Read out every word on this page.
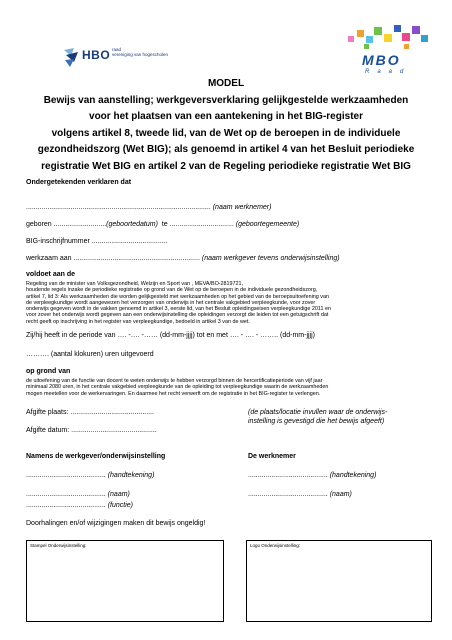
HBO raad
vereniging van hogescholen	MBO
Raad
MODEL
Bewijs van aanstelling; werkgeversverklaring gelijkgestelde werkzaamheden
voor het plaatsen van een aantekening in het BIG-register
volgens artikel 8, tweede lid, van de Wet op de beroepen in de individuele
gezondheidszorg (Wet BIG); als genoemd in artikel 4 van het Besluit periodieke
registratie Wet BIG en artikel 2 van de Regeling periodieke registratie Wet BIG
Ondergetekenden verklaren dat
............................................................................................... (naam werknemer)
geboren ...........................(geboortedatum) te ................................. (geboortegemeente)
BIG-inschrijfnummer .......................................
werkzaam aan ................................................................. (naam werkgever tevens onderwijsinstelling)
voldoet aan de
Regeling van de minister van Volksgezondheid, Welzijn en Sport van , MEVA/BO-2819721,
houdende regels inzake de periodieke registratie op grond van de Wet op de beroepen in de individuele gezondheidszorg,
artikel 7, lid 3: Als werkzaamheden die worden gelijkgesteld met werkzaamheden op het gebied van de beroepsuitoefening van
de verpleegkundige wordt aangewezen het verzorgen van onderwijs in het centrale vakgebied verpleegkunde, voor zover
onderwijs gegeven wordt in de vakken genoemd in artikel 3, eerste lid, van het Besluit opleidingseisen verpleegkundige 2011 en
voor zover het onderwijs wordt gegeven aan een onderwijsinstelling die opleidingen verzorgt die leiden tot een getuigschrift dat
recht geeft op inschrijving in het register van verpleegkundige, bedoeld in artikel 3 van de wet.
Zij/hij heeft in de periode van …. -…. -…… (dd-mm-jjjj) tot en met …. - …. - …….. (dd-mm-jjjj)
………. (aantal klokuren) uren uitgevoerd
op grond van
de uitoefening van de functie van docent te weten onderwijs te hebben verzorgd binnen de hercertificatieperiode van vijf jaar
minimaal 2080 uren, in het centrale vakgebied verpleegkunde van de opleiding tot verpleegkundige waarin de werkzaamheden
mogen meetellen voor de werkervaringen. En daarmee het recht verwerft om de registratie in het BIG-register te verlengen.
Afgifte plaats: ...........................................	(de plaats/locatie invullen waar de onderwijs-
instelling is gevestigd die het bewijs afgeeft)
Afgifte datum: ............................................
Namens de werkgever/onderwijsinstelling	De werknemer
......................................... (handtekening)	......................................... (handtekening)
......................................... (naam)	......................................... (naam)
......................................... (functie)
Doorhalingen en/of wijzigingen maken dit bewijs ongeldig!
Stampel Onderwijsinstelling:	Logo Onderwijsinstelling:
